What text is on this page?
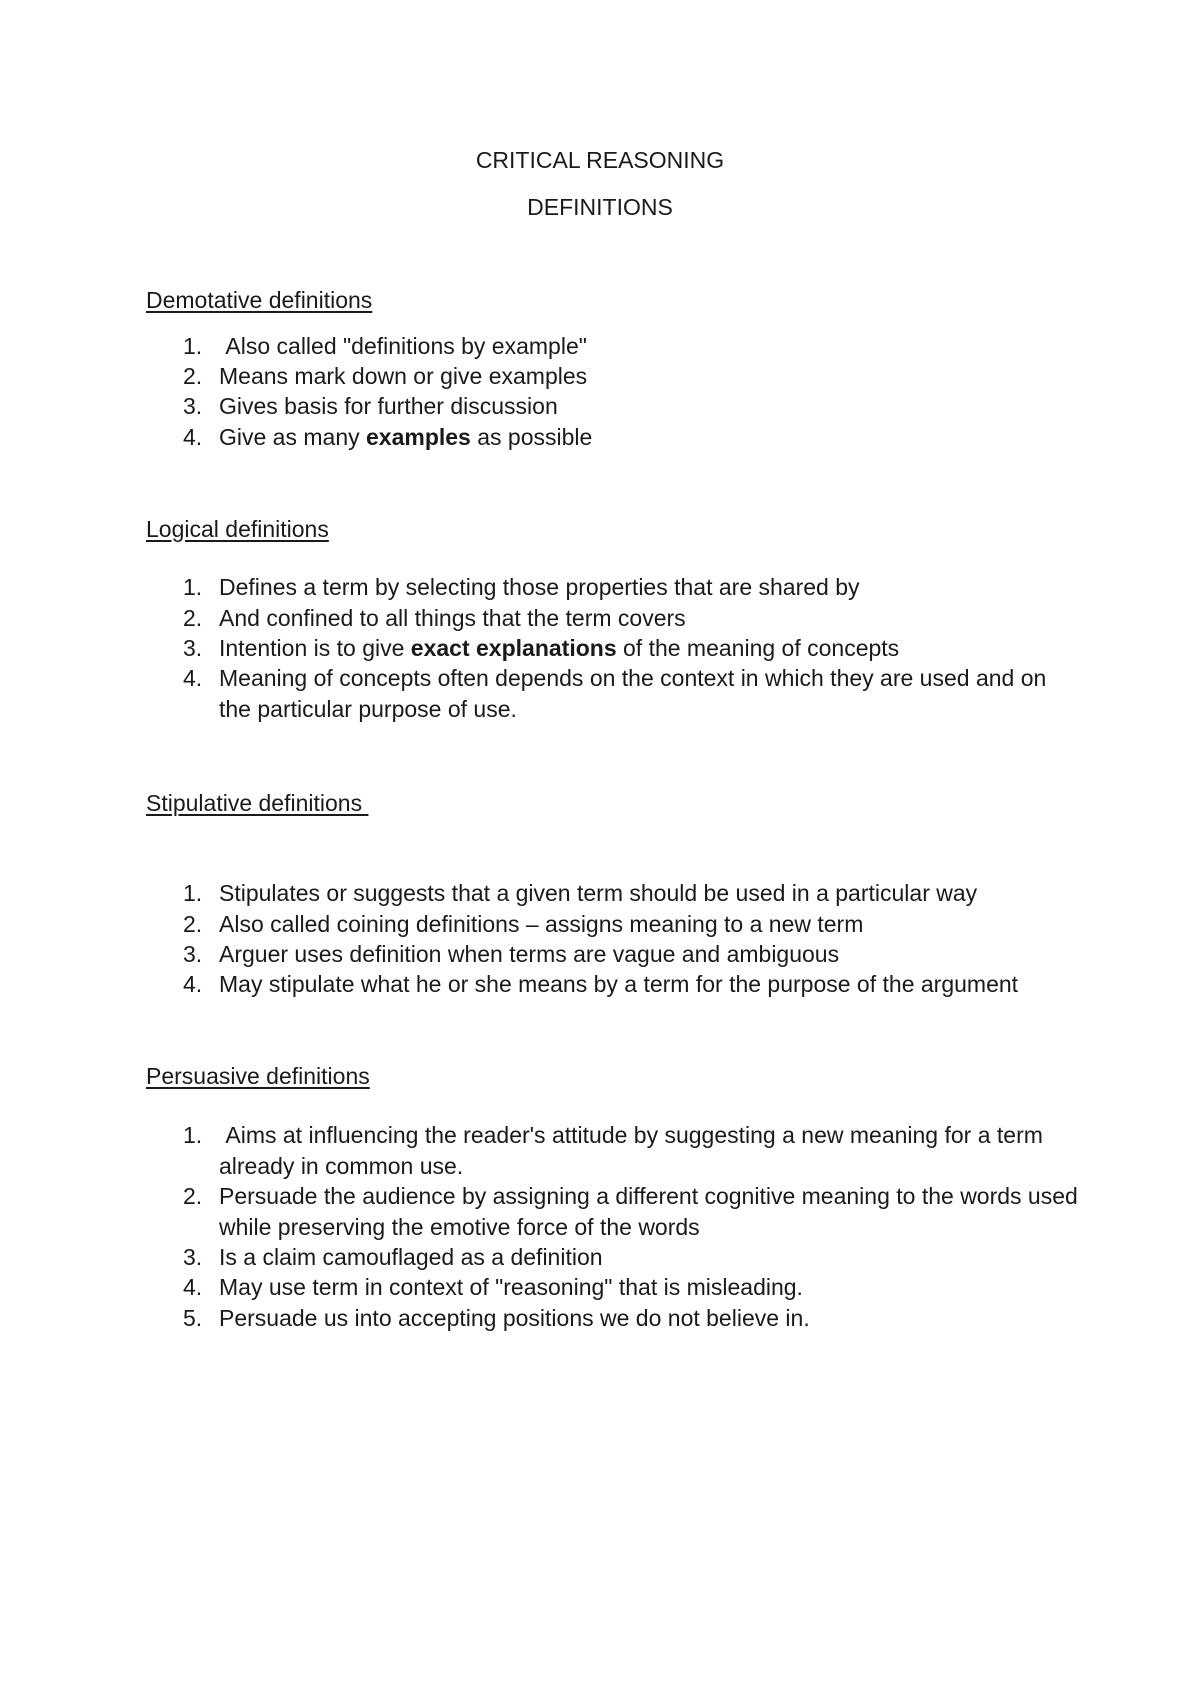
CRITICAL REASONING
DEFINITIONS
Demotative definitions
1. Also called "definitions by example"
2. Means mark down or give examples
3. Gives basis for further discussion
4. Give as many examples as possible
Logical definitions
1. Defines a term by selecting those properties that are shared by
2. And confined to all things that the term covers
3. Intention is to give exact explanations of the meaning of concepts
4. Meaning of concepts often depends on the context in which they are used and on the particular purpose of use.
Stipulative definitions
1. Stipulates or suggests that a given term should be used in a particular way
2. Also called coining definitions – assigns meaning to a new term
3. Arguer uses definition when terms are vague and ambiguous
4. May stipulate what he or she means by a term for the purpose of the argument
Persuasive definitions
1. Aims at influencing the reader's attitude by suggesting a new meaning for a term already in common use.
2. Persuade the audience by assigning a different cognitive meaning to the words used while preserving the emotive force of the words
3. Is a claim camouflaged as a definition
4. May use term in context of "reasoning" that is misleading.
5. Persuade us into accepting positions we do not believe in.
